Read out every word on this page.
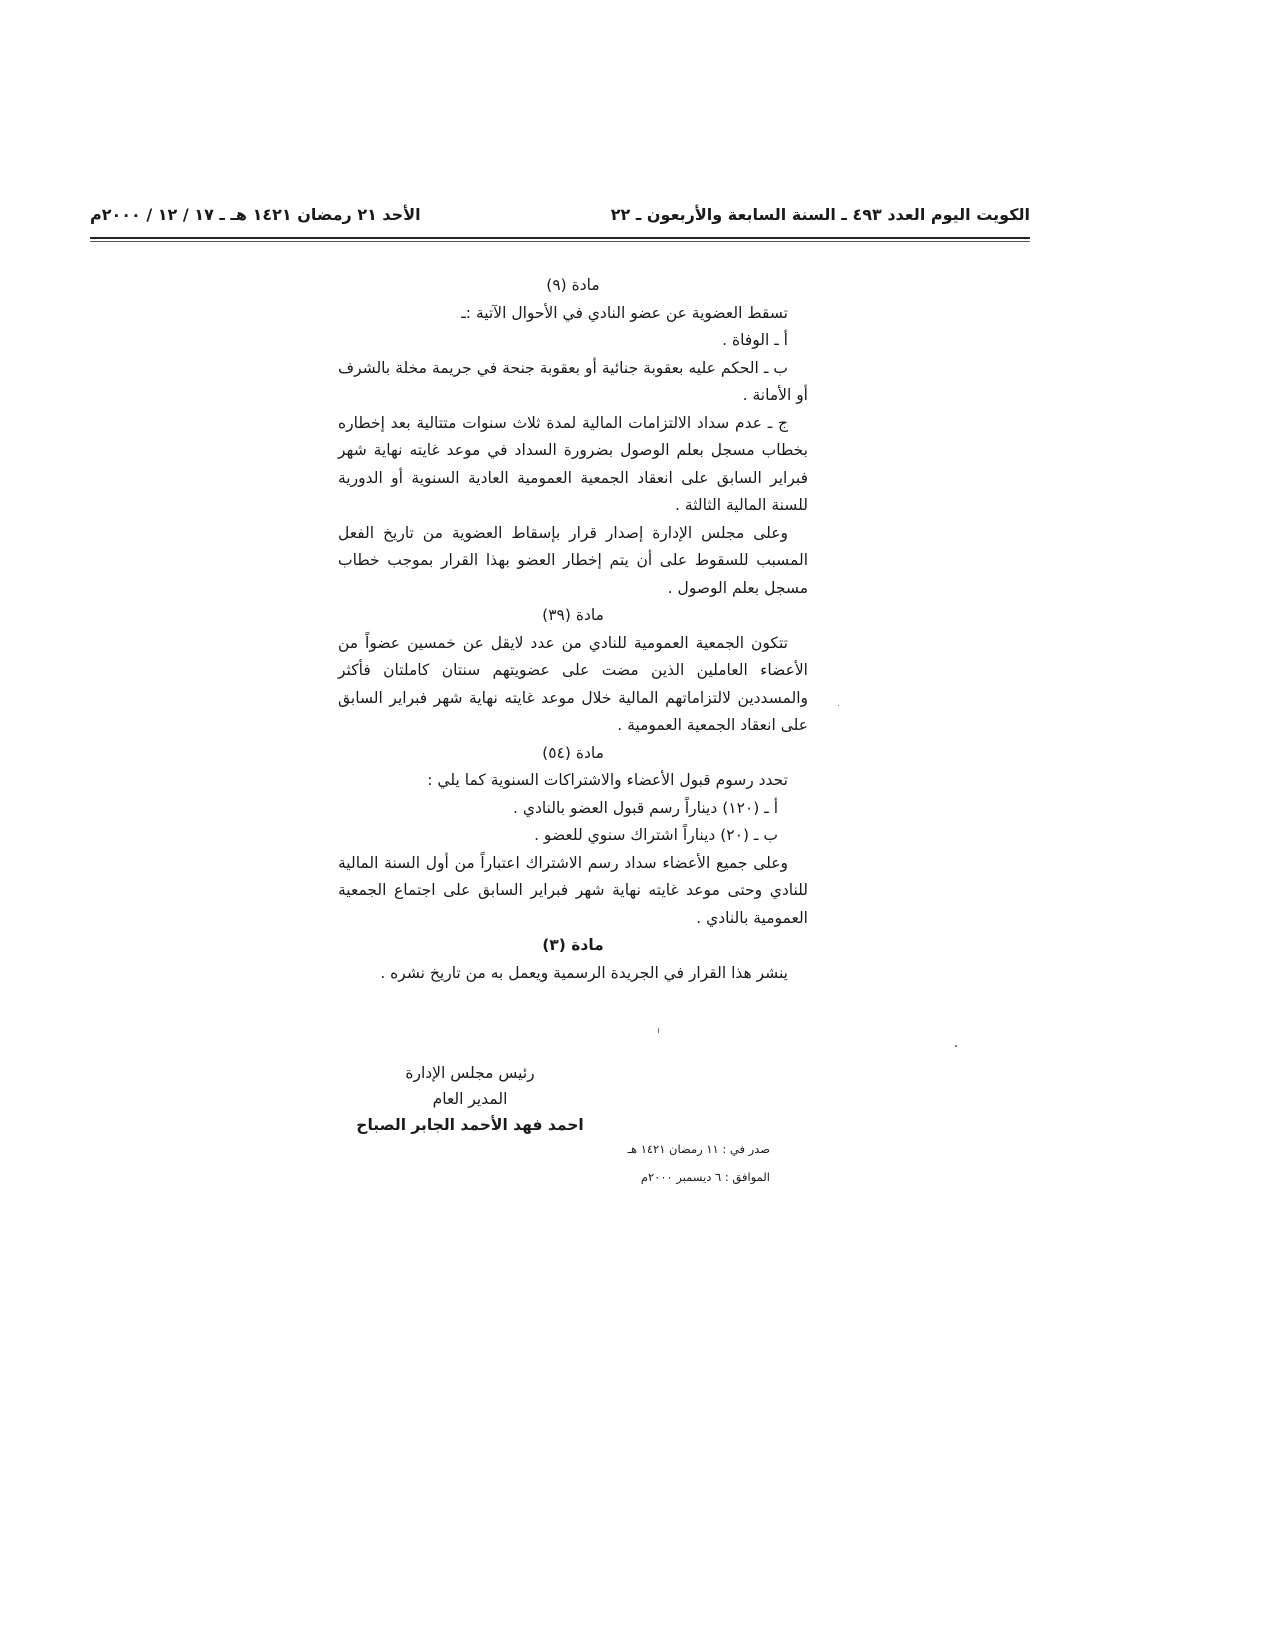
الكويت اليوم العدد ٤٩٣ ـ السنة السابعة والأربعون ـ ٢٢
الأحد ٢١ رمضان ١٤٢١ هـ ـ ١٧ / ١٢ / ٢٠٠٠م

مادة (٩)

تسقط العضوية عن عضو النادي في الأحوال الآتية :ـ

أ ـ الوفاة .

ب ـ الحكم عليه بعقوبة جنائية أو بعقوبة جنحة في جريمة مخلة بالشرف أو الأمانة .

ج ـ عدم سداد الالتزامات المالية لمدة ثلاث سنوات متتالية بعد إخطاره بخطاب مسجل بعلم الوصول بضرورة السداد في موعد غايته نهاية شهر فبراير السابق على انعقاد الجمعية العمومية العادية السنوية أو الدورية للسنة المالية الثالثة .

وعلى مجلس الإدارة إصدار قرار بإسقاط العضوية من تاريخ الفعل المسبب للسقوط على أن يتم إخطار العضو بهذا القرار بموجب خطاب مسجل بعلم الوصول .

مادة (٣٩)

تتكون الجمعية العمومية للنادي من عدد لايقل عن خمسين عضواً من الأعضاء العاملين الذين مضت على عضويتهم سنتان كاملتان فأكثر والمسددين لالتزاماتهم المالية خلال موعد غايته نهاية شهر فبراير السابق على انعقاد الجمعية العمومية .

مادة (٥٤)

تحدد رسوم قبول الأعضاء والاشتراكات السنوية كما يلي :

أ ـ (١٢٠) ديناراً رسم قبول العضو بالنادي .

ب ـ (٢٠) ديناراً اشتراك سنوي للعضو .

وعلى جميع الأعضاء سداد رسم الاشتراك اعتباراً من أول السنة المالية للنادي وحتى موعد غايته نهاية شهر فبراير السابق على اجتماع الجمعية العمومية بالنادي .

مادة (٣)

ينشر هذا القرار في الجريدة الرسمية ويعمل به من تاريخ نشره .

رئيس مجلس الإدارة
المدير العام
احمد فهد الأحمد الجابر الصباح
صدر في : ١١ رمضان ١٤٢١ هـ
الموافق : ٦ ديسمبر ٢٠٠٠م
